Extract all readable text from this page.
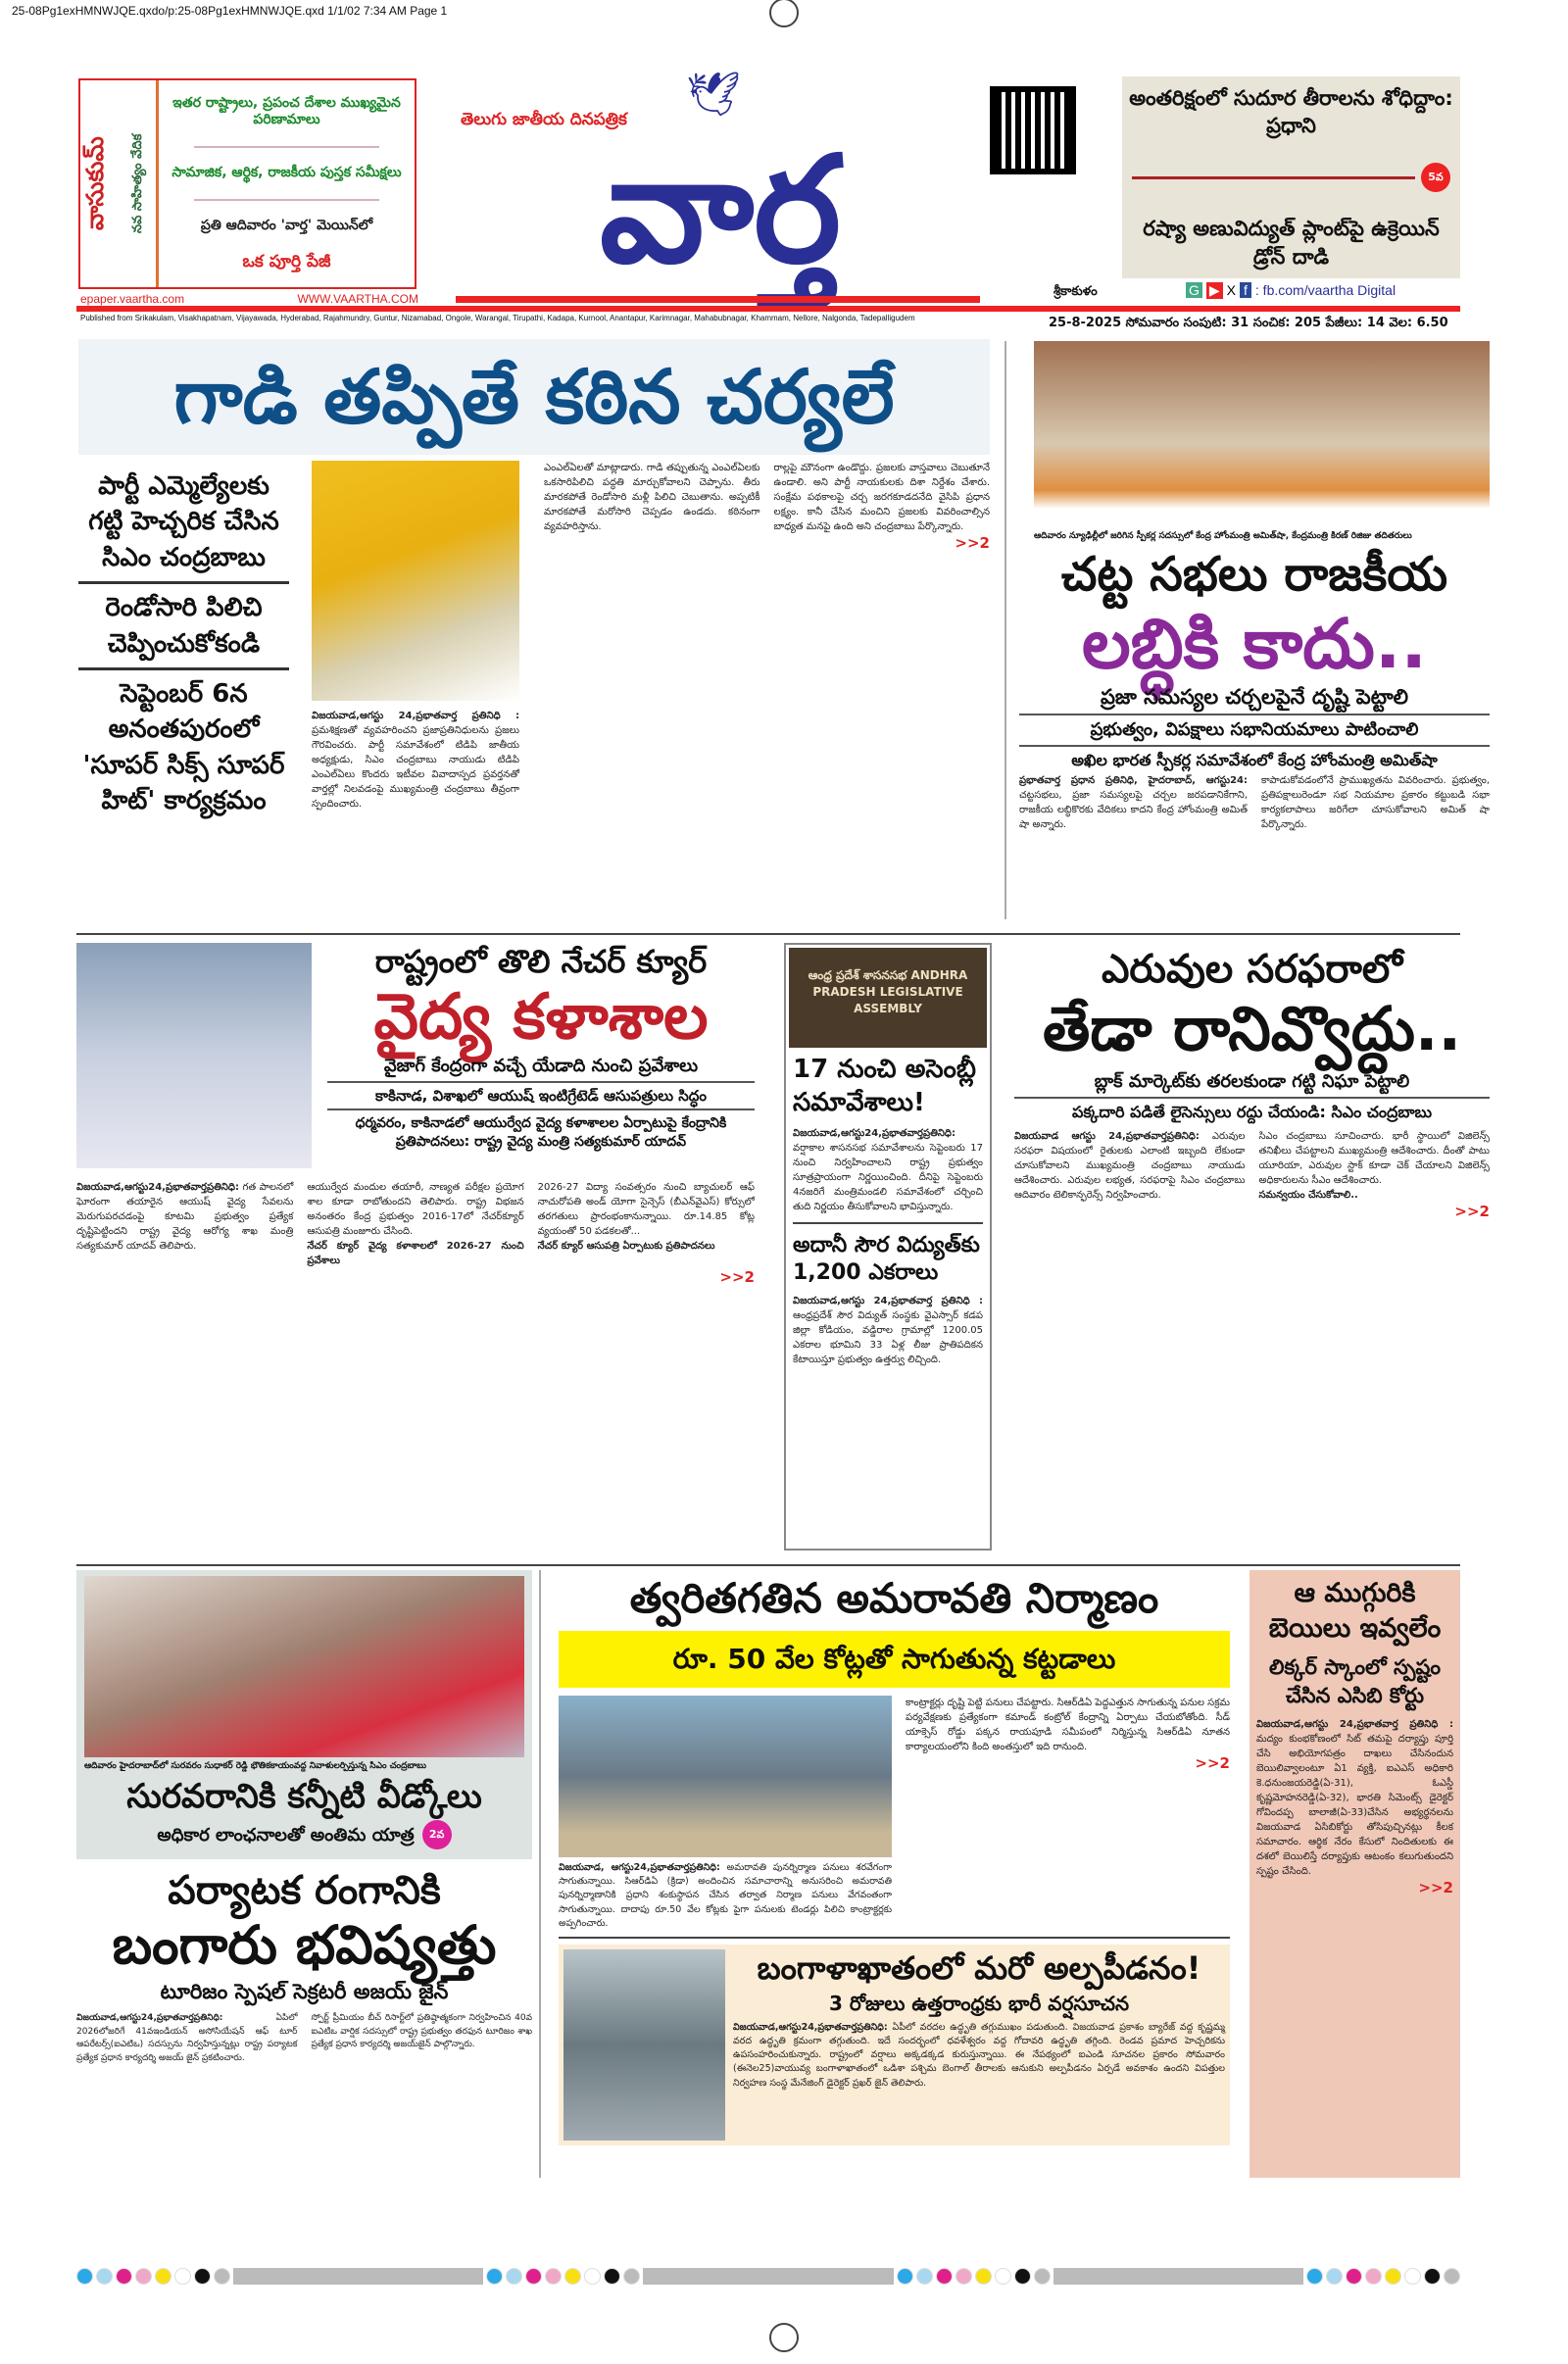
25-08Pg1exHMNWJQE.qxdo/p:25-08Pg1exHMNWJQE.qxd 1/1/02 7:34 AM Page 1
వాసుకుమ్	నవ సాహిత్యం వేదిక
ఇతర రాష్ట్రాలు, ప్రపంచ దేశాల ముఖ్యమైన పరిణామాలు
సామాజిక, ఆర్థిక, రాజకీయ పుస్తక సమీక్షలు
ప్రతి ఆదివారం 'వార్త' మెయిన్‌లో
ఒక పూర్తి పేజీ
epaper.vaartha.com	WWW.VAARTHA.COM
🕊
తెలుగు జాతీయ దినపత్రిక
వార్త
అంతరిక్షంలో సుదూర తీరాలను శోధిద్దాం: ప్రధాని
5వ
రష్యా అణువిద్యుత్ ప్లాంట్‌పై ఉక్రెయిన్ డ్రోన్ దాడి
శ్రీకాకుళం	G ▶ X f : fb.com/vaartha Digital
Published from Srikakulam, Visakhapatnam, Vijayawada, Hyderabad, Rajahmundry, Guntur, Nizamabad, Ongole, Warangal, Tirupathi, Kadapa, Kurnool, Anantapur, Karimnagar, Mahabubnagar, Khammam, Nellore, Nalgonda, Tadepalligudem	25-8-2025 సోమవారం సంపుటి: 31 సంచిక: 205 పేజీలు: 14 వెల: 6.50
గాడి తప్పితే కఠిన చర్యలే
పార్టీ ఎమ్మెల్యేలకు గట్టి హెచ్చరిక చేసిన సిఎం చంద్రబాబు
రెండోసారి పిలిచి చెప్పించుకోకండి
సెప్టెంబర్ 6న అనంతపురంలో 'సూపర్ సిక్స్ సూపర్ హిట్' కార్యక్రమం

విజయవాడ,ఆగస్టు 24,ప్రభాతవార్త ప్రతినిధి : ప్రమశిక్షణతో వ్యవహరించని ప్రజాప్రతినిధులను ప్రజలు గౌరవించరు. పార్టీ సమావేశంలో టిడిపి జాతీయ అధ్యక్షుడు, సిఎం చంద్రబాబు నాయుడు టిడిపి ఎంఎల్ఏలు కొందరు ఇటీవల వివాదాస్పద ప్రవర్తనతో వార్తల్లో నిలవడంపై ముఖ్యమంత్రి చంద్రబాబు తీవ్రంగా స్పందించారు.

ఎంఎల్ఏలతో మాట్లాడారు. గాడి తప్పుతున్న ఎంఎల్ఏలకు ఒకసారిపిలిచి పద్ధతి మార్చుకోవాలని చెప్పాను. తీరు మారకపోతే రెండోసారి మళ్లీ పిలిచి చెబుతాను. అప్పటికీ మారకపోతే మరోసారి చెప్పడం ఉండదు. కఠినంగా వ్యవహరిస్తాను.

రాల్లపై మౌనంగా ఉండొద్దు. ప్రజలకు వాస్తవాలు చెబుతూనే ఉండాలి. అని పార్టీ నాయకులకు దిశా నిర్దేశం చేశారు. సంక్షేమ పథకాలపై చర్చ జరగకూడదనేది వైసిపి ప్రధాన లక్ష్యం. కానీ చేసిన మంచిని ప్రజలకు వివరించాల్సిన బాధ్యత మనపై ఉంది అని చంద్రబాబు పేర్కొన్నారు.

>>2	ఆదివారం న్యూఢిల్లీలో జరిగిన స్పీకర్ల సదస్సులో కేంద్ర హోంమంత్రి అమిత్‌షా, కేంద్రమంత్రి కిరణ్ రిజిజు తదితరులు
చట్ట సభలు రాజకీయ
లబ్ధికి కాదు..
ప్రజా సమస్యల చర్చలపైనే దృష్టి పెట్టాలి
ప్రభుత్వం, విపక్షాలు సభానియమాలు పాటించాలి
అఖిల భారత స్పీకర్ల సమావేశంలో కేంద్ర హోంమంత్రి అమిత్‌షా

ప్రభాతవార్త ప్రధాన ప్రతినిధి, హైదరాబాద్, ఆగస్టు24: చట్టసభలు, ప్రజా సమస్యలపై చర్చల జరపడానికేగాని, రాజకీయ లబ్ధికొరకు వేదికలు కాదని కేంద్ర హోంమంత్రి అమిత్ షా అన్నారు.

కాపాడుకోవడంలోనే ప్రాముఖ్యతను వివరించారు. ప్రభుత్వం, ప్రతిపక్షాలురెండూ సభ నియమాల ప్రకారం కట్టుబడి సభా కార్యకలాపాలు జరిగేలా చూసుకోవాలని అమిత్ షా పేర్కొన్నారు.

రాష్ట్రంలో తొలి నేచర్ క్యూర్
వైద్య కళాశాల
వైజాగ్ కేంద్రంగా వచ్చే యేడాది నుంచి ప్రవేశాలు
కాకినాడ, విశాఖలో ఆయుష్ ఇంటిగ్రేటెడ్ ఆసుపత్రులు సిద్ధం
ధర్మవరం, కాకినాడలో ఆయుర్వేద వైద్య కళాశాలల ఏర్పాటుపై కేంద్రానికి ప్రతిపాదనలు: రాష్ట్ర వైద్య మంత్రి సత్యకుమార్ యాదవ్

విజయవాడ,ఆగస్టు24,ప్రభాతవార్తప్రతినిధి: గత పాలనలో ఘోరంగా తయారైన ఆయుష్ వైద్య సేవలను మెరుగుపరచడంపై కూటమి ప్రభుత్వం ప్రత్యేక దృష్టిపెట్టిందని రాష్ట్ర వైద్య ఆరోగ్య శాఖ మంత్రి సత్యకుమార్ యాదవ్ తెలిపారు.

ఆయుర్వేద మందుల తయారీ, నాణ్యత పరీక్షల ప్రయోగ శాల కూడా రాబోతుందని తెలిపారు. రాష్ట్ర విభజన అనంతరం కేంద్ర ప్రభుత్వం 2016-17లో నేచర్‌క్యూర్ ఆసుపత్రి మంజూరు చేసింది.
నేచర్ క్యూర్ వైద్య కళాశాలలో 2026-27 నుంచి ప్రవేశాలు

2026-27 విద్యా సంవత్సరం నుంచి బ్యాచులర్ ఆఫ్ నాచురోపతి అండ్ యోగా సైన్సెస్ (బీఎన్‌వైఎస్) కోర్సులో తరగతులు ప్రారంభంకానున్నాయి. రూ.14.85 కోట్ల వ్యయంతో 50 పడకలతో...
నేచర్ క్యూర్ ఆసుపత్రి ఏర్పాటుకు ప్రతిపాదనలు

>>2
ఆంధ్ర ప్రదేశ్ శాసనసభ ANDHRA PRADESH LEGISLATIVE ASSEMBLY
17 నుంచి అసెంబ్లీ సమావేశాలు!

విజయవాడ,ఆగస్టు24,ప్రభాతవార్తప్రతినిధి: వర్షాకాల శాసనసభ సమావేశాలను సెప్టెంబరు 17 నుంచి నిర్వహించాలని రాష్ట్ర ప్రభుత్వం సూత్రప్రాయంగా నిర్ణయించింది. దీనిపై సెప్టెంబరు 4నజరిగే మంత్రిమండలి సమావేశంలో చర్చించి తుది నిర్ణయం తీసుకోవాలని భావిస్తున్నారు.

అదానీ సౌర విద్యుత్‌కు 1,200 ఎకరాలు

విజయవాడ,ఆగస్టు 24,ప్రభాతవార్త ప్రతినిధి : ఆంధ్రప్రదేశ్ సౌర విద్యుత్ సంస్థకు వైఎస్సార్ కడప జిల్లా కోడియం, వడ్డిరాల గ్రామాల్లో 1200.05 ఎకరాల భూమిని 33 ఏళ్ల లీజు ప్రాతిపదికన కేటాయిస్తూ ప్రభుత్వం ఉత్తర్వు లిచ్చింది.

ఎరువుల సరఫరాలో
తేడా రానివ్వొద్దు..
బ్లాక్ మార్కెట్‌కు తరలకుండా గట్టి నిఘా పెట్టాలి
పక్కదారి పడితే లైసెన్సులు రద్దు చేయండి: సిఎం చంద్రబాబు

విజయవాడ ఆగస్టు 24,ప్రభాతవార్తప్రతినిధి: ఎరువుల సరఫరా విషయంలో రైతులకు ఎలాంటి ఇబ్బంది లేకుండా చూసుకోవాలని ముఖ్యమంత్రి చంద్రబాబు నాయుడు ఆదేశించారు. ఎరువుల లభ్యత, సరఫరాపై సిఎం చంద్రబాబు ఆదివారం టెలికాన్ఫరెన్స్ నిర్వహించారు.

సిఎం చంద్రబాబు సూచించారు. భారీ స్థాయిలో విజిలెన్స్ తనిఖీలు చేపట్టాలని ముఖ్యమంత్రి ఆదేశించారు. దీంతో పాటు యూరియా, ఎరువుల స్టాక్ కూడా చెక్ చేయాలని విజిలెన్స్ అధికారులను సీఎం ఆదేశించారు.
సమన్వయం చేసుకోవాలి..

>>2
ఆదివారం హైదరాబాద్‌లో సురవరం సుధాకర్ రెడ్డి భౌతికకాయంవద్ద నివాళులర్పిస్తున్న సిఎం చంద్రబాబు
సురవరానికి కన్నీటి వీడ్కోలు
అధికార లాంఛనాలతో అంతిమ యాత్ర	2వ
పర్యాటక రంగానికి
బంగారు భవిష్యత్తు
టూరిజం స్పెషల్ సెక్రటరీ అజయ్ జైన్

విజయవాడ,ఆగస్టు24,ప్రభాతవార్తప్రతినిధి:	ఏపిలో 2026లోజరిగే 41వఇండియన్ అసోసియేషన్ ఆఫ్ టూర్ ఆపరేటర్స్(ఐఎటిఒ) సదస్సును నిర్వహిస్తున్నట్లు రాష్ట్ర పర్యాటక ప్రత్యేక ప్రధాన కార్యదర్శి అజయ్ జైన్ ప్రకటించారు.

స్పోర్ట్ ప్రీమియం బీచ్ రిసార్ట్‌లో ప్రతిష్ఠాత్మకంగా నిర్వహించిన 40వ ఐఎటిఒ వార్షిక సదస్సులో రాష్ట్ర ప్రభుత్వం తరఫున టూరిజం శాఖ ప్రత్యేక ప్రధాన కార్యదర్శి అజయ్‌జైన్ పాల్గొన్నారు.

త్వరితగతిన అమరావతి నిర్మాణం
రూ. 50 వేల కోట్లతో సాగుతున్న కట్టడాలు

విజయవాడ, ఆగస్టు24,ప్రభాతవార్తప్రతినిధి: అమరావతి పునర్నిర్మాణ పనులు శరవేగంగా సాగుతున్నాయి. సిఆర్‌డిఏ (క్రిడా) అందించిన సమాచారాన్ని అనుసరించి అమరావతి పునర్నిర్మాణానికి ప్రధాని శంకుస్థాపన చేసిన తర్వాత నిర్మాణ పనులు వేగవంతంగా సాగుతున్నాయి. దాదాపు రూ.50 వేల కోట్లకు పైగా పనులకు టెండర్లు పిలిచి కాంట్రాక్టర్లకు అప్పగించారు.

కాంట్రాక్టర్లు దృష్టి పెట్టి పనులు చేపట్టారు. సిఆర్‌డిఏ పెద్దఎత్తున సాగుతున్న పనుల సక్రమ పర్యవేక్షణకు ప్రత్యేకంగా కమాండ్ కంట్రోల్ కేంద్రాన్ని ఏర్పాటు చేయబోతోంది. సీడ్ యాక్సెస్ రోడ్డు పక్కన రాయపూడి సమీపంలో నిర్మిస్తున్న సిఆర్‌డిఏ నూతన కార్యాలయంలోని కింది అంతస్తులో ఇది రానుంది.

>>2
బంగాళాఖాతంలో మరో అల్పపీడనం!
3 రోజులు ఉత్తరాంధ్రకు భారీ వర్షసూచన

విజయవాడ,ఆగస్టు24,ప్రభాతవార్తప్రతినిధి: ఏపీలో వరదల ఉద్ధృతి తగ్గుముఖం పడుతుంది. విజయవాడ ప్రకాశం బ్యారేజ్ వద్ద కృష్ణమ్మ వరద ఉద్ధృతి క్రమంగా తగ్గుతుంది. ఇదే సందర్భంలో ధవళేశ్వరం వద్ద గోదావరి ఉద్ధృతి తగ్గింది. రెండవ ప్రమాద హెచ్చరికను ఉపసంహరించుకున్నారు. రాష్ట్రంలో వర్షాలు అక్కడక్కడ కురుస్తున్నాయి. ఈ నేపథ్యంలో ఐఎండి సూచనల ప్రకారం సోమవారం (ఈనెల25)వాయువ్య బంగాళాఖాతంలో ఒడిశా పశ్చిమ బెంగాల్ తీరాలకు ఆనుకుని అల్పపీడనం ఏర్పడే అవకాశం ఉందని విపత్తుల నిర్వహణ సంస్థ మేనేజింగ్ డైరెక్టర్ ప్రఖర్ జైన్ తెలిపారు.

ఆ ముగ్గురికి బెయిలు ఇవ్వలేం
లిక్కర్ స్కాంలో స్పష్టం చేసిన ఎసిబి కోర్టు

విజయవాడ,ఆగస్టు 24,ప్రభాతవార్త ప్రతినిధి : మద్యం కుంభకోణంలో సిట్ తమపై దర్యాప్తు పూర్తి చేసి అభియోగపత్రం దాఖలు చేసినందున బెయిలివ్వాలంటూ ఏ1 వ్యక్తి, ఐఎఎస్ అధికారి కె.ధనుంజయరెడ్డి(ఏ-31), ఓఎస్డీ కృష్ణమోహనరెడ్డి(ఏ-32), భారతి సిమెంట్స్ డైరెక్టర్ గోవిందప్ప బాలాజీ(ఏ-33)చేసిన అభ్యర్థనలను విజయవాడ ఏసిబికోర్టు తోసిపుచ్చినట్లు కీలక సమాచారం. ఆర్థిక నేరం కేసులో నిందితులకు ఈ దశలో బెయిలిస్తే దర్యాప్తుకు ఆటంకం కలుగుతుందని స్పష్టం చేసింది.

>>2
